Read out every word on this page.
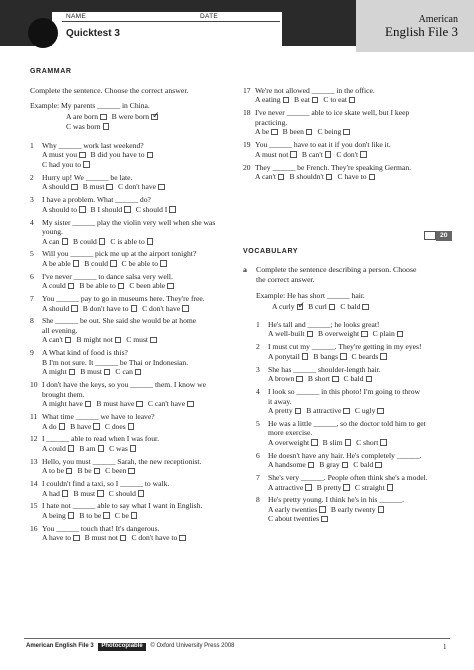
NAME	DATE
Quicktest 3
American
English File 3
GRAMMAR
Complete the sentence. Choose the correct answer.
Example: My parents ______ in China.
A are born B were born ✓

C was born
1 Why ______ work last weekend?
A must you B did you have to
C had you to
2 Hurry up! We ______ be late.
A should B must C don't have
3 I have a problem. What ______ do?
A should to B I should C should I
4 My sister ______ play the violin very well when she was
young.
A can B could C is able to
5 Will you ______ pick me up at the airport tonight?
A be able B could C be able to
6 I've never ______ to dance salsa very well.
A could B be able to C been able
7 You ______ pay to go in museums here. They're free.
A should B don't have to C don't have
8 She ______ be out. She said she would be at home
all evening.
A can't B might not C must
9 A What kind of food is this?
B I'm not sure. It ______ be Thai or Indonesian.
A might B must C can
10 I don't have the keys, so you ______ them. I know we
brought them.
A might have B must have C can't have
11 What time ______ we have to leave?
A do B have C does
12 I ______ able to read when I was four.
A could B am C was
13 Hello, you must ______ Sarah, the new receptionist.
A to be B be C been
14 I couldn't find a taxi, so I ______ to walk.
A had B must C should
15 I hate not ______ able to say what I want in English.
A being B to be C be
16 You ______ touch that! It's dangerous.
A have to B must not C don't have to
17 We're not allowed ______ in the office.
A eating B eat C to eat
18 I've never ______ able to ice skate well, but I keep
practicing.
A be B been C being
19 You ______ have to eat it if you don't like it.
A must not B can't C don't
20 They ______ be French. They're speaking German.
A can't B shouldn't C have to
20
VOCABULARY
a Complete the sentence describing a person. Choose
the correct answer.
Example: He has short ______ hair.
A curly ✓ B curl C bald
1 He's tall and ______; he looks great!
A well-built B overweight C plain
2 I must cut my ______. They're getting in my eyes!
A ponytail B bangs C beards
3 She has ______ shoulder-length hair.
A brown B short C bald
4 I look so ______ in this photo! I'm going to throw
it away.
A pretty B attractive C ugly
5 He was a little ______, so the doctor told him to get
more exercise.
A overweight B slim C short
6 He doesn't have any hair. He's completely ______.
A handsome B gray C bald
7 She's very ______. People often think she's a model.
A attractive B pretty C straight
8 He's pretty young. I think he's in his ______.
A early twenties B early twenty
C about twenties
American English File 3 Photocopiable © Oxford University Press 2008	1
